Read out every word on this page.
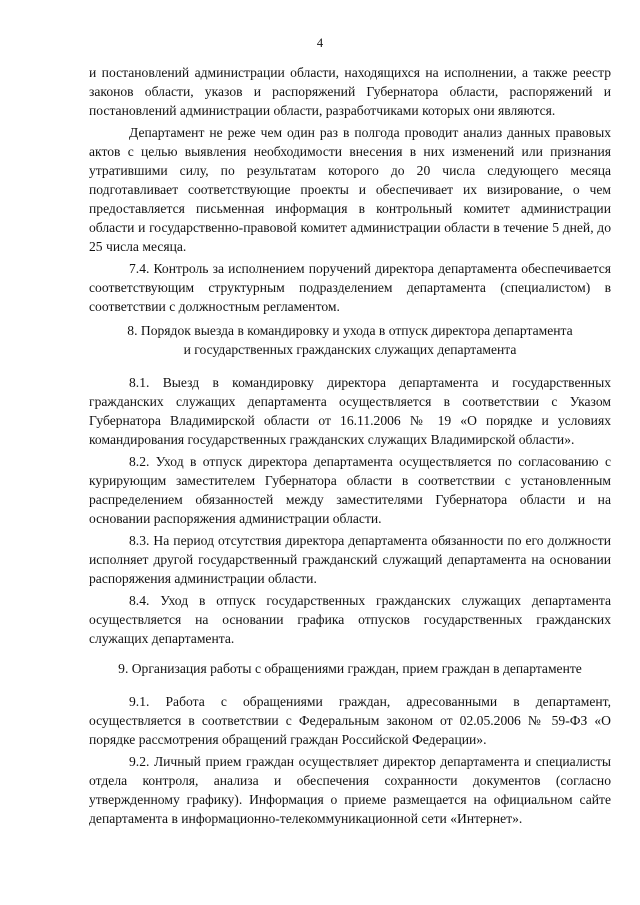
4

и постановлений администрации области, находящихся на исполнении, а также реестр законов области, указов и распоряжений Губернатора области, распоряжений и постановлений администрации области, разработчиками которых они являются.

Департамент не реже чем один раз в полгода проводит анализ данных правовых актов с целью выявления необходимости внесения в них изменений или признания утратившими силу, по результатам которого до 20 числа следующего месяца подготавливает соответствующие проекты и обеспечивает их визирование, о чем предоставляется письменная информация в контрольный комитет администрации области и государственно-правовой комитет администрации области в течение 5 дней, до 25 числа месяца.

7.4. Контроль за исполнением поручений директора департамента обеспечивается соответствующим структурным подразделением департамента (специалистом) в соответствии с должностным регламентом.

8. Порядок выезда в командировку и ухода в отпуск директора департамента

и государственных гражданских служащих департамента

8.1. Выезд в командировку директора департамента и государственных гражданских служащих департамента осуществляется в соответствии с Указом Губернатора Владимирской области от 16.11.2006 № 19 «О порядке и условиях командирования государственных гражданских служащих Владимирской области».

8.2. Уход в отпуск директора департамента осуществляется по согласованию с курирующим заместителем Губернатора области в соответствии с установленным распределением обязанностей между заместителями Губернатора области и на основании распоряжения администрации области.

8.3. На период отсутствия директора департамента обязанности по его должности исполняет другой государственный гражданский служащий департамента на основании распоряжения администрации области.

8.4. Уход в отпуск государственных гражданских служащих департамента осуществляется на основании графика отпусков государственных гражданских служащих департамента.

9. Организация работы с обращениями граждан, прием граждан в департаменте

9.1. Работа с обращениями граждан, адресованными в департамент, осуществляется в соответствии с Федеральным законом от 02.05.2006 № 59-ФЗ «О порядке рассмотрения обращений граждан Российской Федерации».

9.2. Личный прием граждан осуществляет директор департамента и специалисты отдела контроля, анализа и обеспечения сохранности документов (согласно утвержденному графику). Информация о приеме размещается на официальном сайте департамента в информационно-телекоммуникационной сети «Интернет».
